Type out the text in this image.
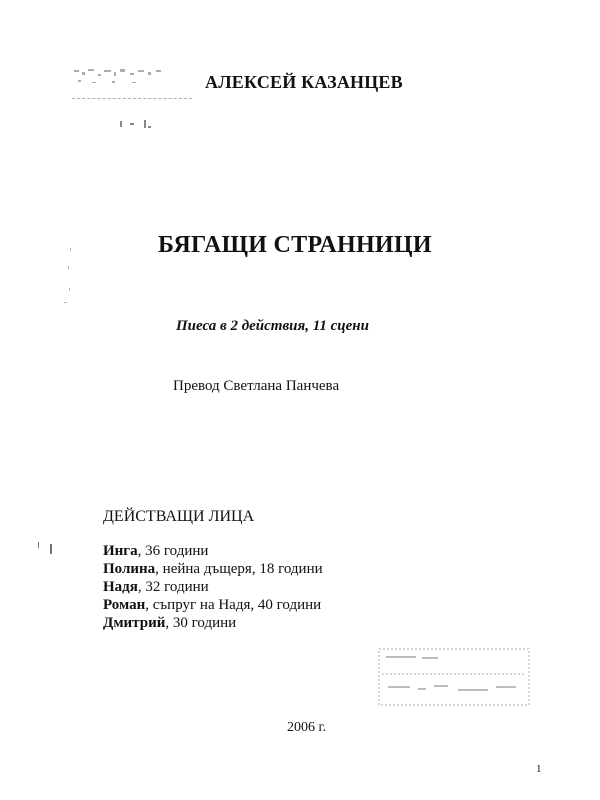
АЛЕКСЕЙ КАЗАНЦЕВ
БЯГАЩИ СТРАННИЦИ
Пиеса в 2 действия, 11 сцени
Превод Светлана Панчева
ДЕЙСТВАЩИ ЛИЦА
Инга, 36 години
Полина, нейна дъщеря, 18 години
Надя, 32 години
Роман, съпруг на Надя, 40 години
Дмитрий, 30 години
2006 г.
1
